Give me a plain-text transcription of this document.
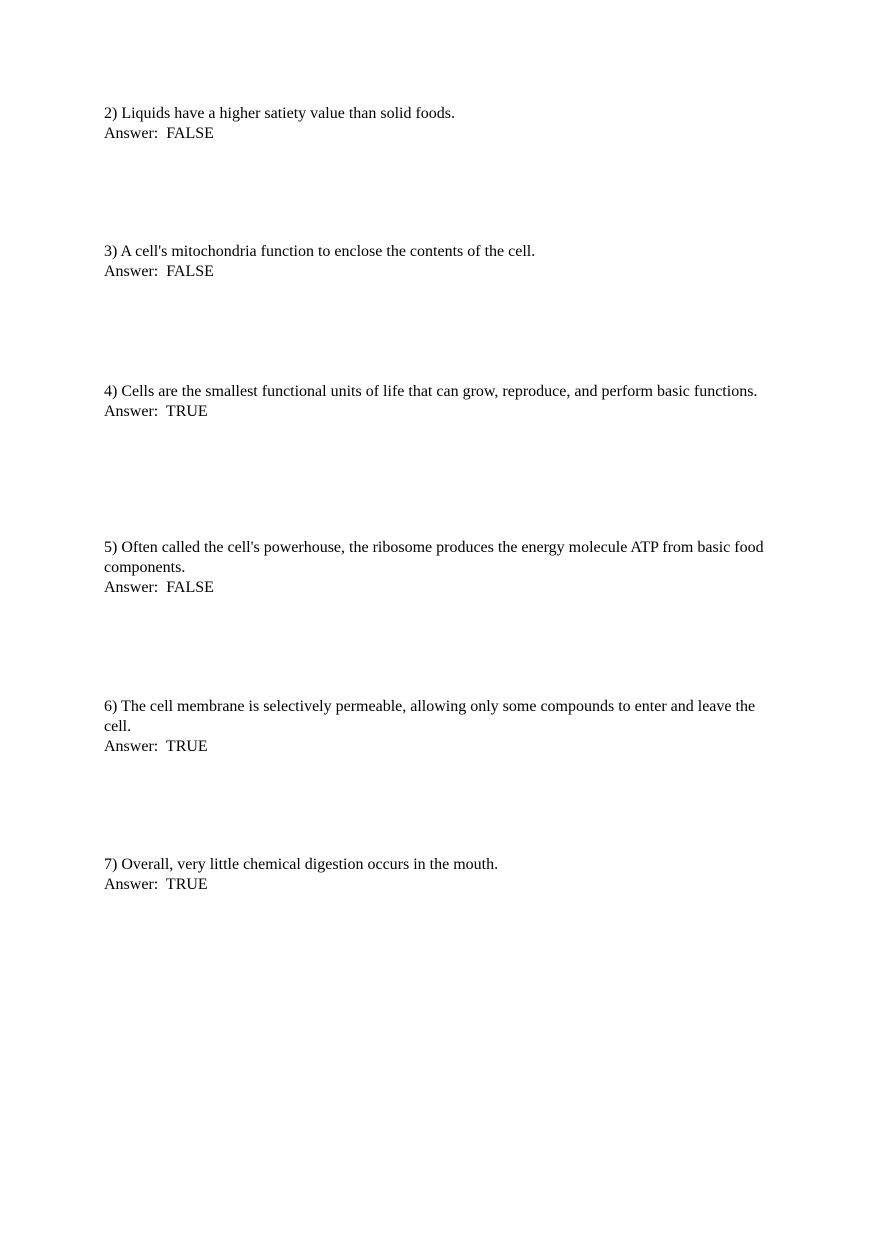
2) Liquids have a higher satiety value than solid foods.

Answer:  FALSE

3) A cell's mitochondria function to enclose the contents of the cell.

Answer:  FALSE

4) Cells are the smallest functional units of life that can grow, reproduce, and perform basic functions.

Answer:  TRUE

5) Often called the cell's powerhouse, the ribosome produces the energy molecule ATP from basic food components.

Answer:  FALSE

6) The cell membrane is selectively permeable, allowing only some compounds to enter and leave the cell.

Answer:  TRUE

7) Overall, very little chemical digestion occurs in the mouth.

Answer:  TRUE
